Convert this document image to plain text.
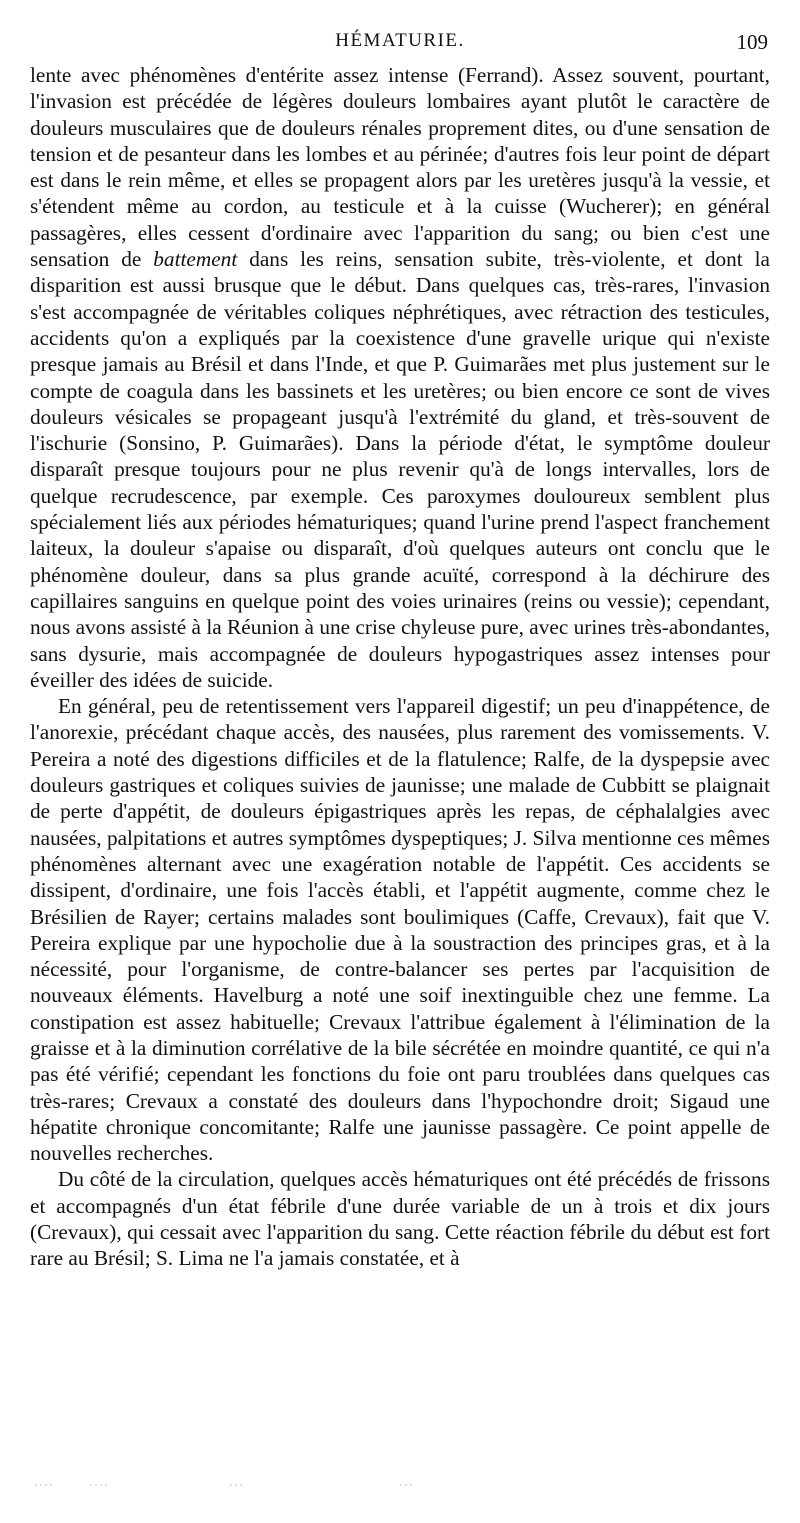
HÉMATURIE.	109

lente avec phénomènes d'entérite assez intense (Ferrand). Assez souvent, pourtant, l'invasion est précédée de légères douleurs lombaires ayant plutôt le caractère de douleurs musculaires que de douleurs rénales proprement dites, ou d'une sensation de tension et de pesanteur dans les lombes et au périnée; d'autres fois leur point de départ est dans le rein même, et elles se propagent alors par les uretères jusqu'à la vessie, et s'étendent même au cordon, au testicule et à la cuisse (Wucherer); en général passagères, elles cessent d'ordinaire avec l'apparition du sang; ou bien c'est une sensation de battement dans les reins, sensation subite, très-violente, et dont la disparition est aussi brusque que le début. Dans quelques cas, très-rares, l'invasion s'est accompagnée de véritables coliques néphrétiques, avec rétraction des testicules, accidents qu'on a expliqués par la coexistence d'une gravelle urique qui n'existe presque jamais au Brésil et dans l'Inde, et que P. Guimarães met plus justement sur le compte de coagula dans les bassinets et les uretères; ou bien encore ce sont de vives douleurs vésicales se propageant jusqu'à l'extrémité du gland, et très-souvent de l'ischurie (Sonsino, P. Guimarães). Dans la période d'état, le symptôme douleur disparaît presque toujours pour ne plus revenir qu'à de longs intervalles, lors de quelque recrudescence, par exemple. Ces paroxymes douloureux semblent plus spécialement liés aux périodes hématuriques; quand l'urine prend l'aspect franchement laiteux, la douleur s'apaise ou disparaît, d'où quelques auteurs ont conclu que le phénomène douleur, dans sa plus grande acuïté, correspond à la déchirure des capillaires sanguins en quelque point des voies urinaires (reins ou vessie); cependant, nous avons assisté à la Réunion à une crise chyleuse pure, avec urines très-abondantes, sans dysurie, mais accompagnée de douleurs hypogastriques assez intenses pour éveiller des idées de suicide.

En général, peu de retentissement vers l'appareil digestif; un peu d'inappétence, de l'anorexie, précédant chaque accès, des nausées, plus rarement des vomissements. V. Pereira a noté des digestions difficiles et de la flatulence; Ralfe, de la dyspepsie avec douleurs gastriques et coliques suivies de jaunisse; une malade de Cubbitt se plaignait de perte d'appétit, de douleurs épigastriques après les repas, de céphalalgies avec nausées, palpitations et autres symptômes dyspeptiques; J. Silva mentionne ces mêmes phénomènes alternant avec une exagération notable de l'appétit. Ces accidents se dissipent, d'ordinaire, une fois l'accès établi, et l'appétit augmente, comme chez le Brésilien de Rayer; certains malades sont boulimiques (Caffe, Crevaux), fait que V. Pereira explique par une hypocholie due à la soustraction des principes gras, et à la nécessité, pour l'organisme, de contre-balancer ses pertes par l'acquisition de nouveaux éléments. Havelburg a noté une soif inextinguible chez une femme. La constipation est assez habituelle; Crevaux l'attribue également à l'élimination de la graisse et à la diminution corrélative de la bile sécrétée en moindre quantité, ce qui n'a pas été vérifié; cependant les fonctions du foie ont paru troublées dans quelques cas très-rares; Crevaux a constaté des douleurs dans l'hypochondre droit; Sigaud une hépatite chronique concomitante; Ralfe une jaunisse passagère. Ce point appelle de nouvelles recherches.

Du côté de la circulation, quelques accès hématuriques ont été précédés de frissons et accompagnés d'un état fébrile d'une durée variable de un à trois et dix jours (Crevaux), qui cessait avec l'apparition du sang. Cette réaction fébrile du début est fort rare au Brésil; S. Lima ne l'a jamais constatée, et à
